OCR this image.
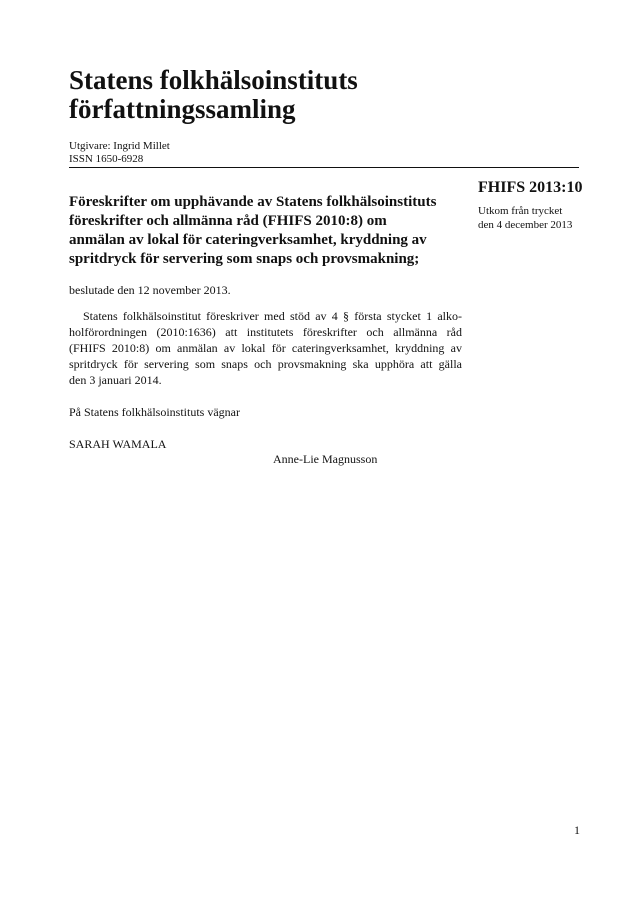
Statens folkhälsoinstituts
författningssamling
Utgivare: Ingrid Millet
ISSN 1650-6928
FHIFS 2013:10
Utkom från trycket
den 4 december 2013
Föreskrifter om upphävande av Statens folkhälsoinstituts
föreskrifter och allmänna råd (FHIFS 2010:8) om
anmälan av lokal för cateringverksamhet, kryddning av
spritdryck för servering som snaps och provsmakning;
beslutade den 12 november 2013.
Statens folkhälsoinstitut föreskriver med stöd av 4 § första stycket 1 alko-
holförordningen (2010:1636) att institutets föreskrifter och allmänna råd
(FHIFS 2010:8) om anmälan av lokal för cateringverksamhet, kryddning av
spritdryck för servering som snaps och provsmakning ska upphöra att gälla
den 3 januari 2014.
På Statens folkhälsoinstituts vägnar
SARAH WAMALA
Anne-Lie Magnusson
1
